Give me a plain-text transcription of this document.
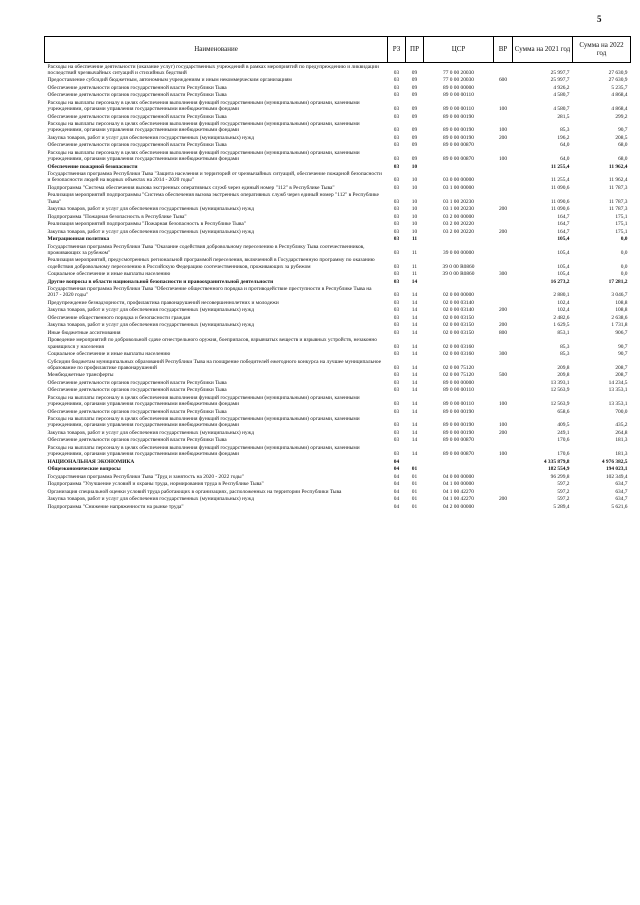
5
Наименование	РЗ	ПР	ЦСР	ВР	Сумма на 2021 год	Сумма на 2022 год
Расходы на обеспечение деятельности (оказание услуг) государственных учреждений в рамках мероприятий по предупреждению и ликвидации последствий чрезвычайных ситуаций и стихийных бедствий	03	09	77 0 00 20030		25 997,7	27 630,9
Предоставление субсидий бюджетным, автономным учреждениям и иным некоммерческим организациям	03	09	77 0 00 20030	600	25 997,7	27 630,9
Обеспечение деятельности органов государственной власти Республики Тыва	03	09	89 0 00 00000		4 926,2	5 235,7
Обеспечение деятельности органов государственной власти Республики Тыва	03	09	89 0 00 00110		4 580,7	4 868,4
Расходы на выплаты персоналу в целях обеспечения выполнения функций государственными (муниципальными) органами, казенными учреждениями, органами управления государственными внебюджетными фондами	03	09	89 0 00 00110	100	4 580,7	4 868,4
Обеспечение деятельности органов государственной власти Республики Тыва	03	09	89 0 00 00190		281,5	299,2
Расходы на выплаты персоналу в целях обеспечения выполнения функций государственными (муниципальными) органами, казенными учреждениями, органами управления государственными внебюджетными фондами	03	09	89 0 00 00190	100	85,3	90,7
Закупка товаров, работ и услуг для обеспечения государственных (муниципальных) нужд	03	09	89 0 00 00190	200	196,2	208,5
Обеспечение деятельности органов государственной власти Республики Тыва	03	09	89 0 00 00870		64,0	68,0
Расходы на выплаты персоналу в целях обеспечения выполнения функций государственными (муниципальными) органами, казенными учреждениями, органами управления государственными внебюджетными фондами	03	09	89 0 00 00870	100	64,0	68,0
Обеспечение пожарной безопасности	03	10			11 255,4	11 962,4
Государственная программа Республики Тыва "Защита населения и территорий от чрезвычайных ситуаций, обеспечение пожарной безопасности и безопасности людей на водных объектах на 2014 - 2020 годы"	03	10	03 0 00 00000		11 255,4	11 962,4
Подпрограмма "Система обеспечения вызова экстренных оперативных служб через единый номер "112" в Республике Тыва"	03	10	03 1 00 00000		11 090,6	11 787,3
Реализация мероприятий подпрограммы "Система обеспечения вызова экстренных оперативных служб через единый номер "112" в Республике Тыва"	03	10	03 1 00 20230		11 090,6	11 787,3
Закупка товаров, работ и услуг для обеспечения государственных (муниципальных) нужд	03	10	03 1 00 20230	200	11 090,6	11 787,3
Подпрограмма "Пожарная безопасность в Республике Тыва"	03	10	03 2 00 00000		164,7	175,1
Реализация мероприятий подпрограммы "Пожарная безопасность в Республике Тыва"	03	10	03 2 00 20220		164,7	175,1
Закупка товаров, работ и услуг для обеспечения государственных (муниципальных) нужд	03	10	03 2 00 20220	200	164,7	175,1
Миграционная политика	03	11			105,4	0,0
Государственная программа Республики Тыва "Оказание содействия добровольному переселению в Республику Тыва соотечественников, проживающих за рубежом"	03	11	39 0 00 00000		105,4	0,0
Реализация мероприятий, предусмотренных региональной программой переселения, включенной в Государственную программу по оказанию содействия добровольному переселению в Российскую Федерацию соотечественников, проживающих за рубежом	03	11	39 0 00 R0860		105,4	0,0
Социальное обеспечение и иные выплаты населению	03	11	39 0 00 R0860	300	105,4	0,0
Другие вопросы в области национальной безопасности и правоохранительной деятельности	03	14			16 273,2	17 281,2
Государственная программа Республики Тыва "Обеспечение общественного порядка и противодействие преступности в Республике Тыва на 2017 - 2020 годы"	03	14	02 0 00 00000		2 880,1	3 046,7
Предупреждение безнадзорности, профилактика правонарушений несовершеннолетних и молодежи	03	14	02 0 00 03140		102,4	108,8
Закупка товаров, работ и услуг для обеспечения государственных (муниципальных) нужд	03	14	02 0 00 03140	200	102,4	108,8
Обеспечение общественного порядка и безопасности граждан	03	14	02 0 00 03150		2 482,6	2 638,6
Закупка товаров, работ и услуг для обеспечения государственных (муниципальных) нужд	03	14	02 0 00 03150	200	1 629,5	1 731,8
Иные бюджетные ассигнования	03	14	02 0 00 03150	800	853,1	906,7
Проведение мероприятий по добровольной сдаче огнестрельного оружия, боеприпасов, взрывчатых веществ и взрывных устройств, незаконно хранящихся у населения	03	14	02 0 00 03160		85,3	90,7
Социальное обеспечение и иные выплаты населению	03	14	02 0 00 03160	300	85,3	90,7
Субсидии бюджетам муниципальных образований Республики Тыва на поощрение победителей ежегодного конкурса на лучшее муниципальное образование по профилактике правонарушений	03	14	02 0 00 75120		209,8	208,7
Межбюджетные трансферты	03	14	02 0 00 75120	500	209,8	208,7
Обеспечение деятельности органов государственной власти Республики Тыва	03	14	89 0 00 00000		13 393,1	14 234,5
Обеспечение деятельности органов государственной власти Республики Тыва	03	14	89 0 00 00110		12 563,9	13 353,1
Расходы на выплаты персоналу в целях обеспечения выполнения функций государственными (муниципальными) органами, казенными учреждениями, органами управления государственными внебюджетными фондами	03	14	89 0 00 00110	100	12 563,9	13 353,1
Обеспечение деятельности органов государственной власти Республики Тыва	03	14	89 0 00 00190		658,6	700,0
Расходы на выплаты персоналу в целях обеспечения выполнения функций государственными (муниципальными) органами, казенными учреждениями, органами управления государственными внебюджетными фондами	03	14	89 0 00 00190	100	409,5	435,2
Закупка товаров, работ и услуг для обеспечения государственных (муниципальных) нужд	03	14	89 0 00 00190	200	249,1	264,8
Обеспечение деятельности органов государственной власти Республики Тыва	03	14	89 0 00 00870		170,6	181,3
Расходы на выплаты персоналу в целях обеспечения выполнения функций государственными (муниципальными) органами, казенными учреждениями, органами управления государственными внебюджетными фондами	03	14	89 0 00 00870	100	170,6	181,3
НАЦИОНАЛЬНАЯ ЭКОНОМИКА	04				4 335 879,8	4 976 382,5
Общеэкономические вопросы	04	01			182 554,9	194 023,1
Государственная программа Республики Тыва "Труд и занятость на 2020 - 2022 годы"	04	01	04 0 00 00000		96 299,8	102 349,4
Подпрограмма "Улучшение условий и охраны труда, нормирования труда в Республике Тыва"	04	01	04 1 00 00000		597,2	634,7
Организация специальной оценки условий труда работающих в организациях, расположенных на территории Республики Тыва	04	01	04 1 00 42270		597,2	634,7
Закупка товаров, работ и услуг для обеспечения государственных (муниципальных) нужд	04	01	04 1 00 42270	200	597,2	634,7
Подпрограмма "Снижение напряженности на рынке труда"	04	01	04 2 00 00000		5 289,4	5 621,6
